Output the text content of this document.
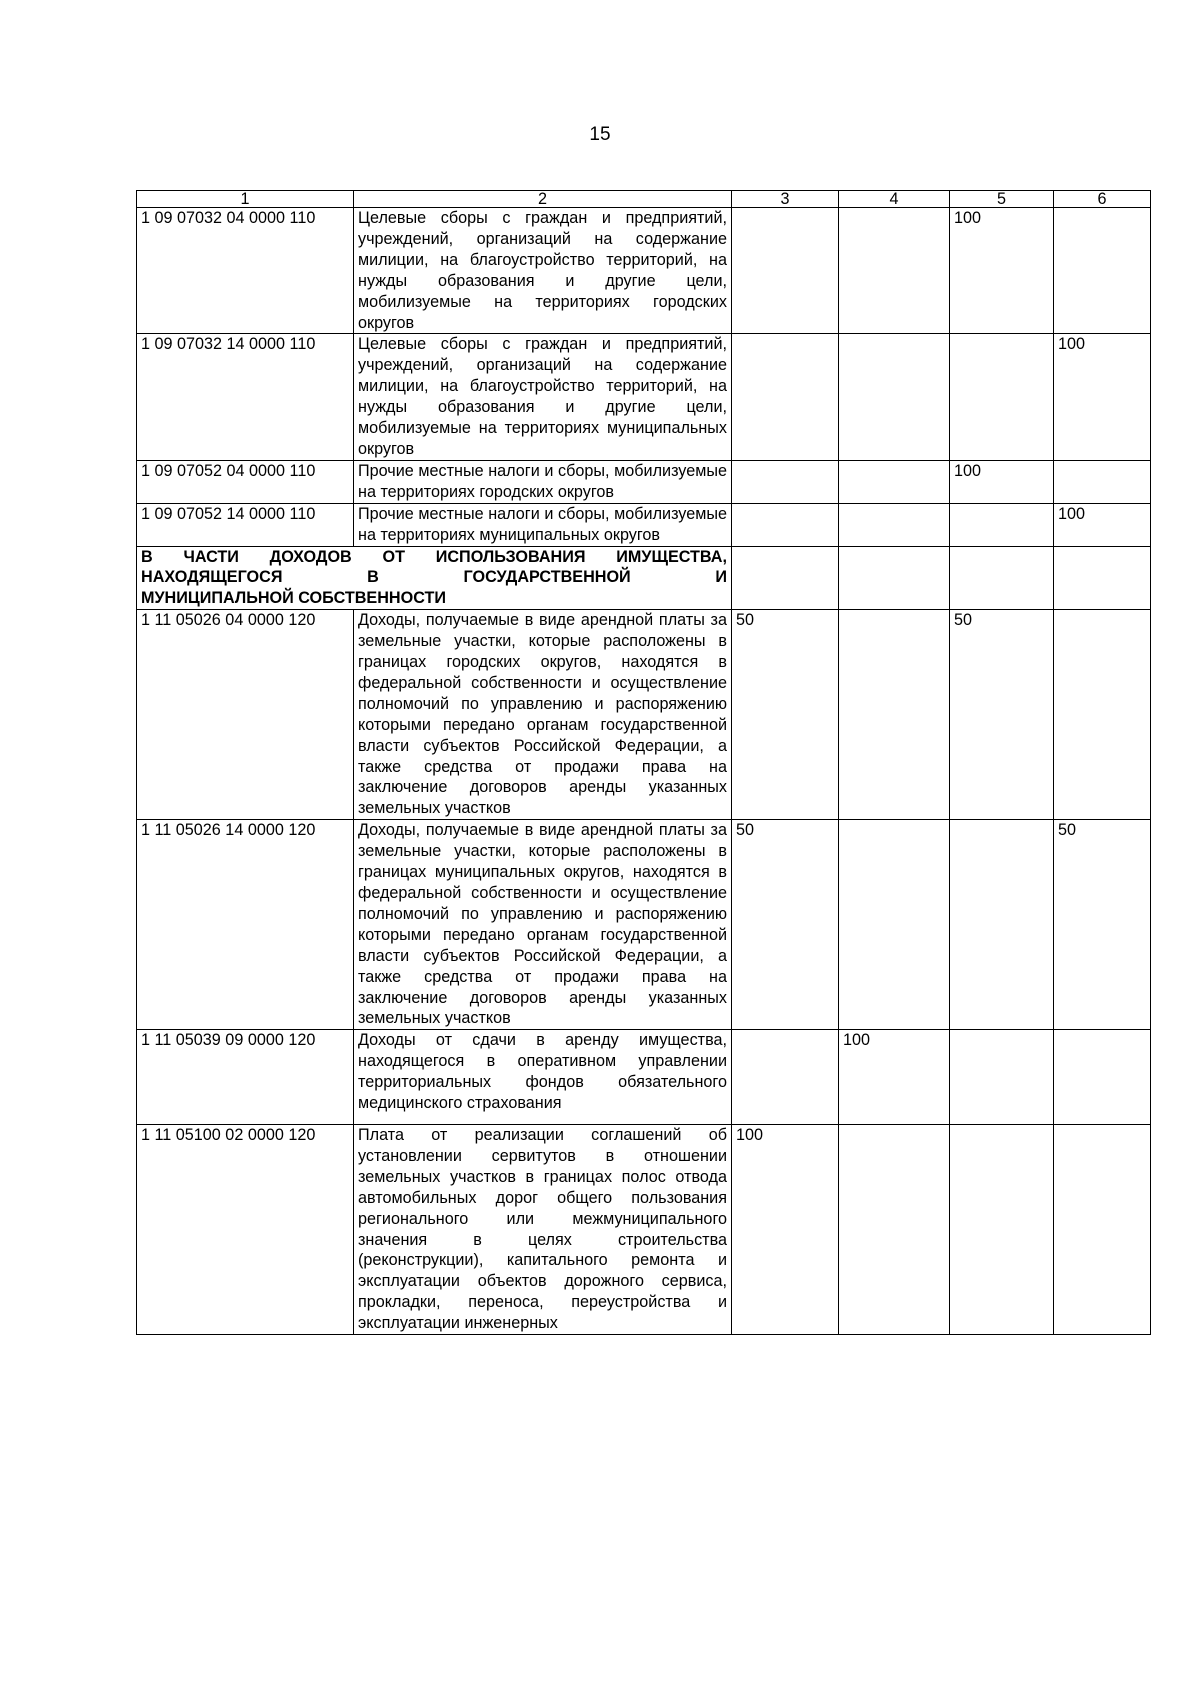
15
1	2	3	4	5	6
1 09 07032 04 0000 110	Целевые сборы с граждан и предприятий, учреждений, организаций на содержание милиции, на благоустройство территорий, на нужды образования и другие цели, мобилизуемые на территориях городских округов			100	
1 09 07032 14 0000 110	Целевые сборы с граждан и предприятий, учреждений, организаций на содержание милиции, на благоустройство территорий, на нужды образования и другие цели, мобилизуемые на территориях муниципальных округов				100
1 09 07052 04 0000 110	Прочие местные налоги и сборы, мобилизуемые на территориях городских округов			100	
1 09 07052 14 0000 110	Прочие местные налоги и сборы, мобилизуемые на территориях муниципальных округов				100

В ЧАСТИ ДОХОДОВ ОТ ИСПОЛЬЗОВАНИЯ ИМУЩЕСТВА,
НАХОДЯЩЕГОСЯ В ГОСУДАРСТВЕННОЙ И
МУНИЦИПАЛЬНОЙ СОБСТВЕННОСТИ					

1 11 05026 04 0000 120	Доходы, получаемые в виде арендной платы за земельные участки, которые расположены в границах городских округов, находятся в федеральной собственности и осуществление полномочий по управлению и распоряжению которыми передано органам государственной власти субъектов Российской Федерации, а также средства от продажи права на заключение договоров аренды указанных земельных участков	50		50	
1 11 05026 14 0000 120	Доходы, получаемые в виде арендной платы за земельные участки, которые расположены в границах муниципальных округов, находятся в федеральной собственности и осуществление полномочий по управлению и распоряжению которыми передано органам государственной власти субъектов Российской Федерации, а также средства от продажи права на заключение договоров аренды указанных земельных участков	50			50
1 11 05039 09 0000 120	Доходы от сдачи в аренду имущества, находящегося в оперативном управлении территориальных фондов обязательного медицинского страхования		100		
1 11 05100 02 0000 120	Плата от реализации соглашений об установлении сервитутов в отношении земельных участков в границах полос отвода автомобильных дорог общего пользования регионального или межмуниципального значения в целях строительства (реконструкции), капитального ремонта и эксплуатации объектов дорожного сервиса, прокладки, переноса, переустройства и эксплуатации инженерных	100			
